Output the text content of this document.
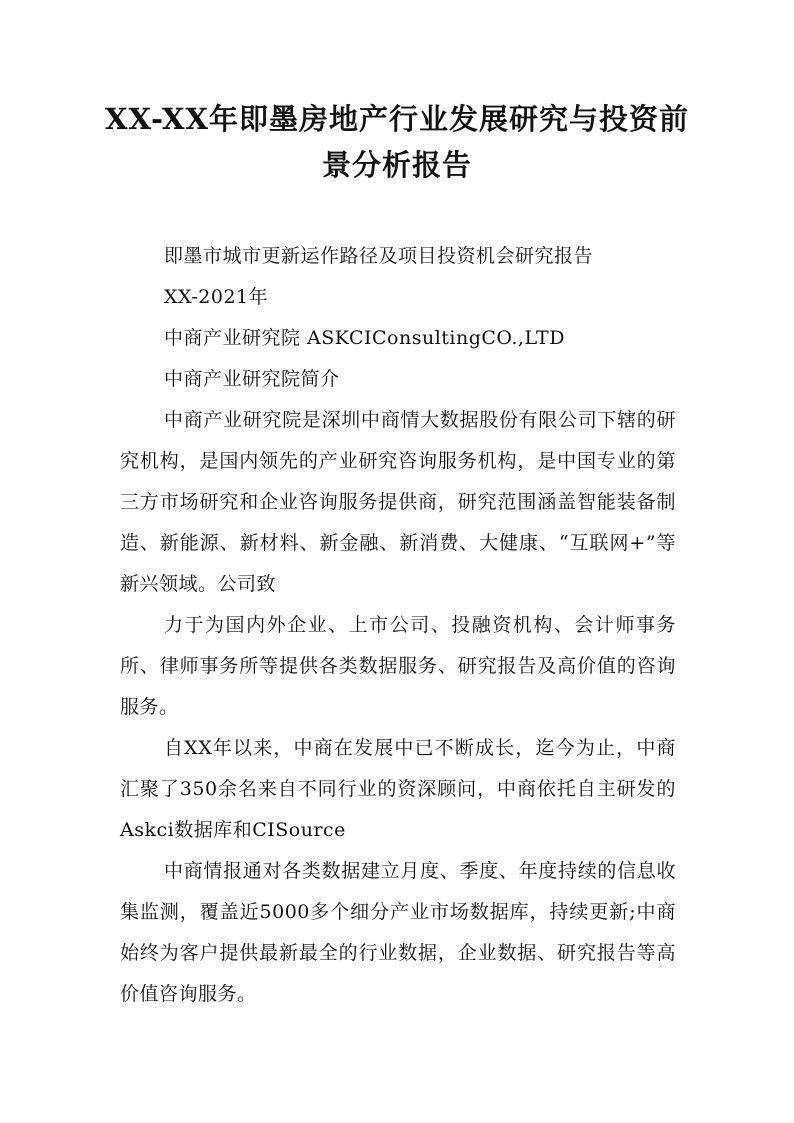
XX-XX年即墨房地产行业发展研究与投资前景分析报告

即墨市城市更新运作路径及项目投资机会研究报告

XX-2021年

中商产业研究院 ASKCIConsultingCO.,LTD

中商产业研究院简介

中商产业研究院是深圳中商情大数据股份有限公司下辖的研究机构，是国内领先的产业研究咨询服务机构，是中国专业的第三方市场研究和企业咨询服务提供商，研究范围涵盖智能装备制造、新能源、新材料、新金融、新消费、大健康、“互联网+”等新兴领域。公司致

力于为国内外企业、上市公司、投融资机构、会计师事务所、律师事务所等提供各类数据服务、研究报告及高价值的咨询服务。

自XX年以来，中商在发展中已不断成长，迄今为止，中商汇聚了350余名来自不同行业的资深顾问，中商依托自主研发的Askci数据库和CISource

中商情报通对各类数据建立月度、季度、年度持续的信息收集监测，覆盖近5000多个细分产业市场数据库，持续更新;中商始终为客户提供最新最全的行业数据，企业数据、研究报告等高价值咨询服务。
